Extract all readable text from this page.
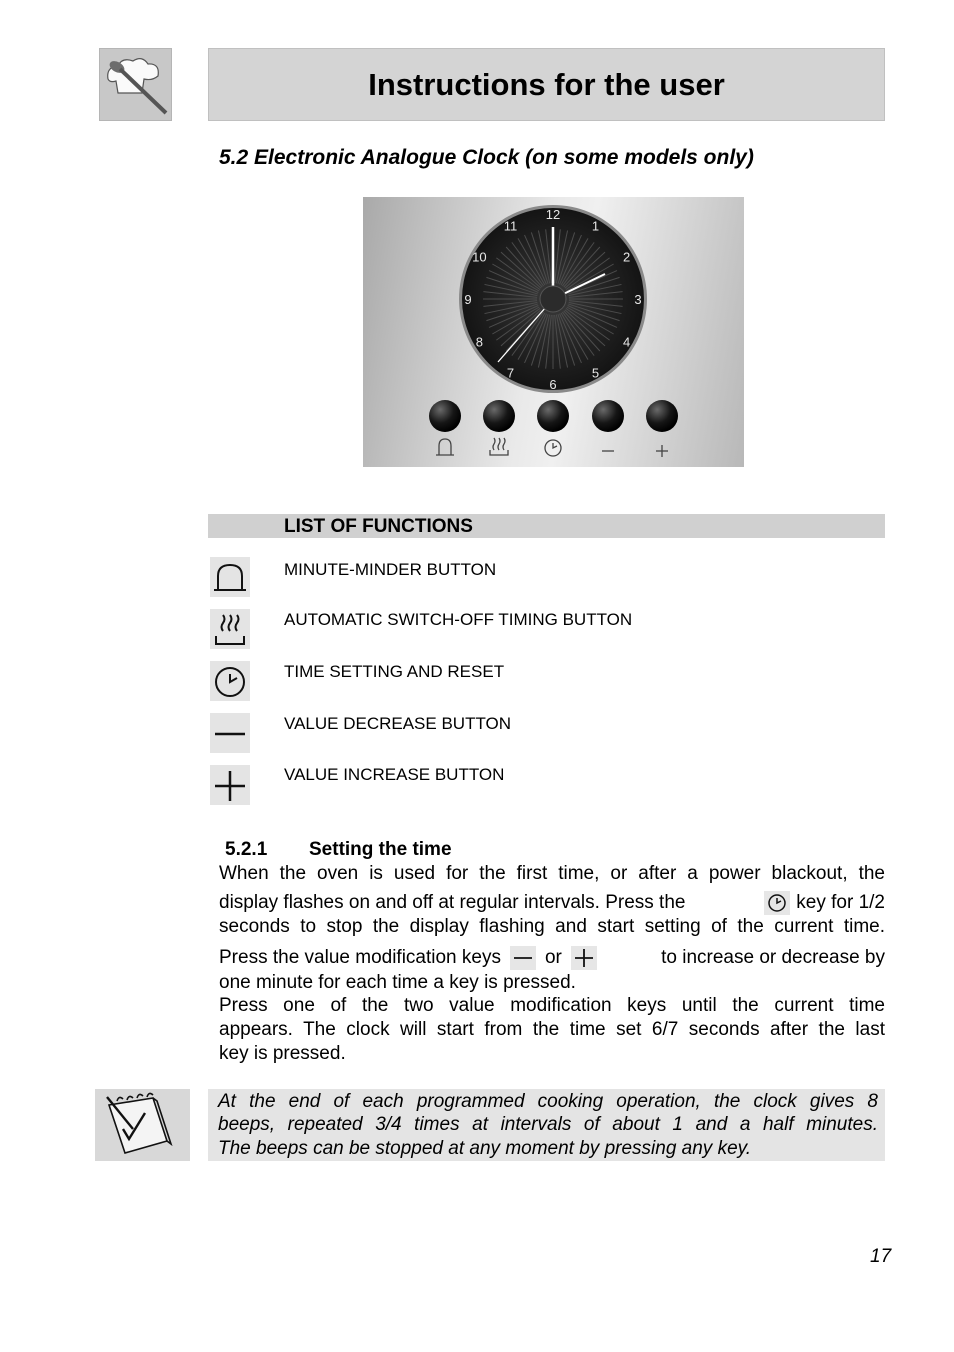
Instructions for the user
5.2 Electronic Analogue Clock (on some models only)
12
1
2
3
4
5
6
7
8
9
10
11
LIST OF FUNCTIONS
MINUTE-MINDER BUTTON
AUTOMATIC SWITCH-OFF TIMING BUTTON
TIME SETTING AND RESET
VALUE DECREASE BUTTON
VALUE INCREASE BUTTON
5.2.1 Setting the time
When the oven is used for the first time, or after a power blackout, the
display flashes on and off at regular intervals. Press the	key for 1/2
seconds to stop the display flashing and start setting of the current time.
Press the value modification keys or	to increase or decrease by
one minute for each time a key is pressed.
Press one of the two value modification keys until the current time
appears. The clock will start from the time set 6/7 seconds after the last
key is pressed.
At the end of each programmed cooking operation, the clock gives 8
beeps, repeated 3/4 times at intervals of about 1 and a half minutes.
The beeps can be stopped at any moment by pressing any key.
17
